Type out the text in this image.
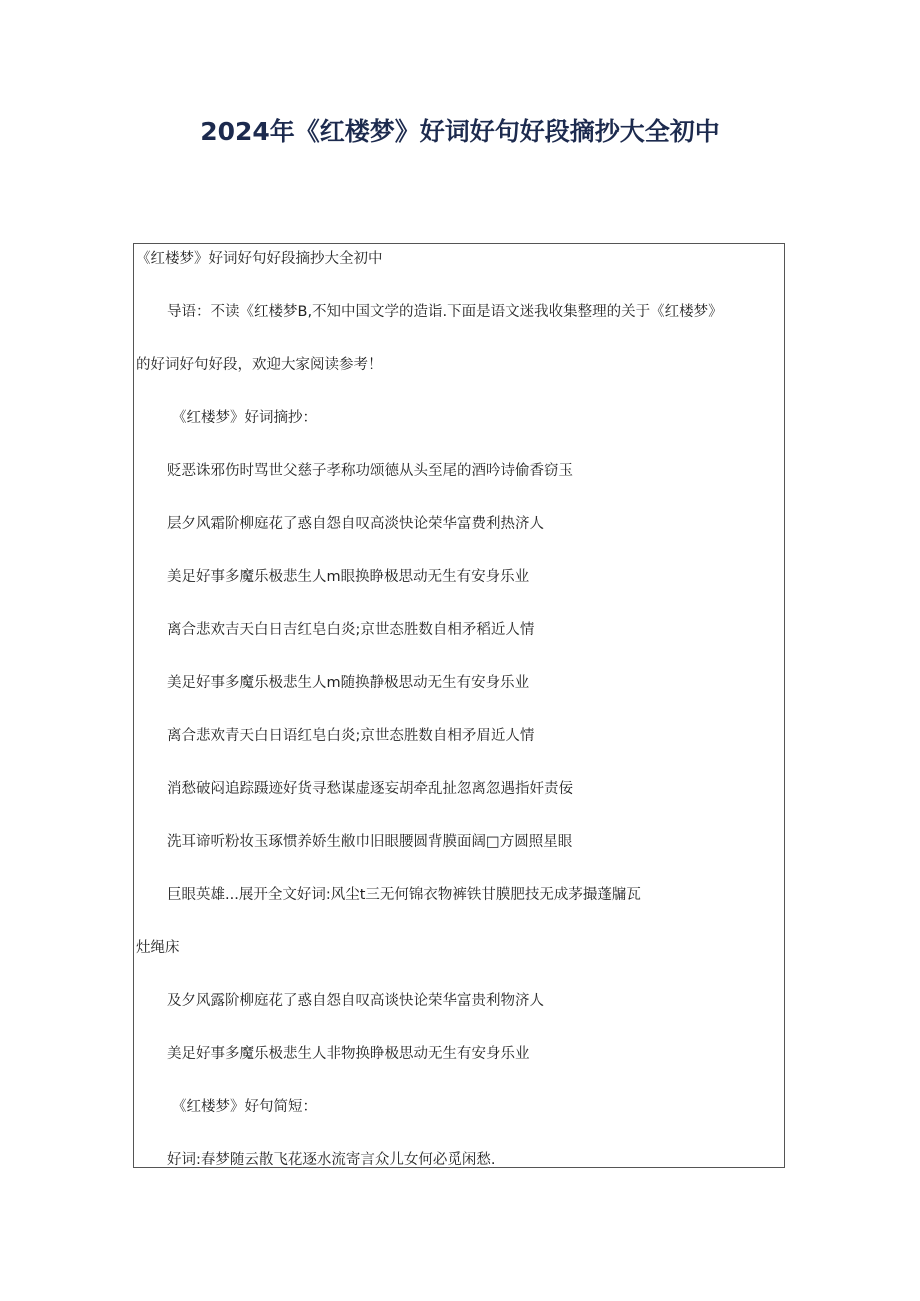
2024年《红楼梦》好词好句好段摘抄大全初中
《红楼梦》好词好句好段摘抄大全初中
导语：不读《红楼梦B,不知中国文学的造诣.下面是语文迷我收集整理的关于《红楼梦》
的好词好句好段，欢迎大家阅读参考！
《红楼梦》好词摘抄：
贬恶诛邪伤时骂世父慈子孝称功颂德从头至尾的酒吟诗偷香窃玉
层夕风霜阶柳庭花了惑自怨自叹高淡快论荣华富费利热济人
美足好事多魔乐极悲生人m眼换睁极思动无生有安身乐业
离合悲欢吉天白日吉红皂白炎;京世态胜数自相矛稻近人情
美足好事多魔乐极悲生人m随换静极思动无生有安身乐业
离合悲欢青天白日语红皂白炎;京世态胜数自相矛眉近人情
消愁破闷追踪蹑迹好货寻愁谋虚逐妄胡牵乱扯忽离忽遇指奸责佞
洗耳谛听粉妆玉琢惯养娇生敝巾旧眼腰圆背膜面阔□方圆照星眼
巨眼英雄...展开全文好词:风尘t三无何锦衣物裤铁甘膜肥技无成茅撮蓬牖瓦
灶绳床
及夕风露阶柳庭花了惑自怨自叹高谈快论荣华富贵利物济人
美足好事多魔乐极悲生人非物换睁极思动无生有安身乐业
《红楼梦》好句简短：
好词:春梦随云散飞花逐水流寄言众儿女何必觅闲愁.
